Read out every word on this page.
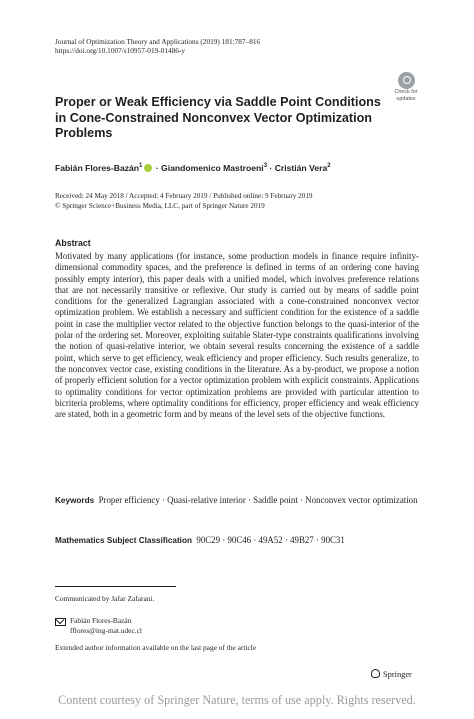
Journal of Optimization Theory and Applications (2019) 181:787–816
https://doi.org/10.1007/s10957-019-01486-y
Check for
updates
Proper or Weak Efficiency via Saddle Point Conditions
in Cone-Constrained Nonconvex Vector Optimization
Problems
Fabián Flores-Bazán$^1$ · Giandomenico Mastroeni$^3$ · Cristián Vera$^2$
Received: 24 May 2018 / Accepted: 4 February 2019 / Published online: 9 February 2019
© Springer Science+Business Media, LLC, part of Springer Nature 2019
Abstract
Motivated by many applications (for instance, some production models in finance require infinity-dimensional commodity spaces, and the preference is defined in terms of an ordering cone having possibly empty interior), this paper deals with a unified model, which involves preference relations that are not necessarily transitive or reflexive. Our study is carried out by means of saddle point conditions for the generalized Lagrangian associated with a cone-constrained nonconvex vector optimization problem. We establish a necessary and sufficient condition for the existence of a saddle point in case the multiplier vector related to the objective function belongs to the quasi-interior of the polar of the ordering set. Moreover, exploiting suitable Slater-type constraints qualifications involving the notion of quasi-relative interior, we obtain several results concerning the existence of a saddle point, which serve to get efficiency, weak efficiency and proper efficiency. Such results generalize, to the nonconvex vector case, existing conditions in the literature. As a by-product, we propose a notion of properly efficient solution for a vector optimization problem with explicit constraints. Applications to optimality conditions for vector optimization problems are provided with particular attention to bicriteria problems, where optimality conditions for efficiency, proper efficiency and weak efficiency are stated, both in a geometric form and by means of the level sets of the objective functions.
Keywords Proper efficiency · Quasi-relative interior · Saddle point · Nonconvex vector optimization
Mathematics Subject Classification 90C29 · 90C46 · 49A52 · 49B27 · 90C31
Communicated by Jafar Zafarani.
Fabián Flores-Bazán
fflores@ing-mat.udec.cl
Extended author information available on the last page of the article
Springer
Content courtesy of Springer Nature, terms of use apply. Rights reserved.
